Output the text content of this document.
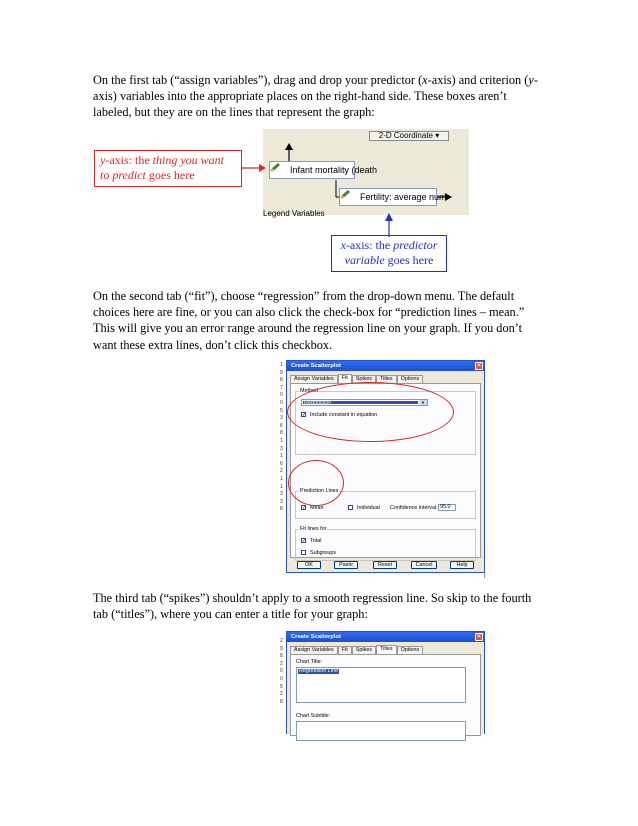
On the first tab (“assign variables”), drag and drop your predictor (x-axis) and criterion (y-axis) variables into the appropriate places on the right-hand side. These boxes aren’t labeled, but they are on the lines that represent the graph:

2-D Coordinate ▾
Infant mortality (death
Fertility: average num
Legend Variables
y-axis: the thing you want to predict goes here
x-axis: the predictor variable goes here

On the second tab (“fit”), choose “regression” from the drop-down menu. The default choices here are fine, or you can also click the check-box for “prediction lines – mean.” This will give you an error range around the regression line on your graph. If you don’t want these extra lines, don’t click this checkbox.

1
9
8
7
0
0
5
3
6
8
1
3
1
6
2
1
1
3
3
8
Create Scatterplot	✕
Assign Variables	Fit	Spikes	Titles	Options
Method
Regression	▼
✓ Include constant in equation
Prediction Lines
✓ Mean	Individual Confidence interval: 95.0
Fit lines for
✓ Total
Subgroups
OK	Paste	Reset	Cancel	Help

The third tab (“spikes”) shouldn’t apply to a smooth regression line. So skip to the fourth tab (“titles”), where you can enter a title for your graph:

2
9
8
2
0
0
5
2
8
Create Scatterplot	✕
Assign Variables	Fit	Spikes	Titles	Options
Chart Title:
Regression Line
Chart Subtitle:
